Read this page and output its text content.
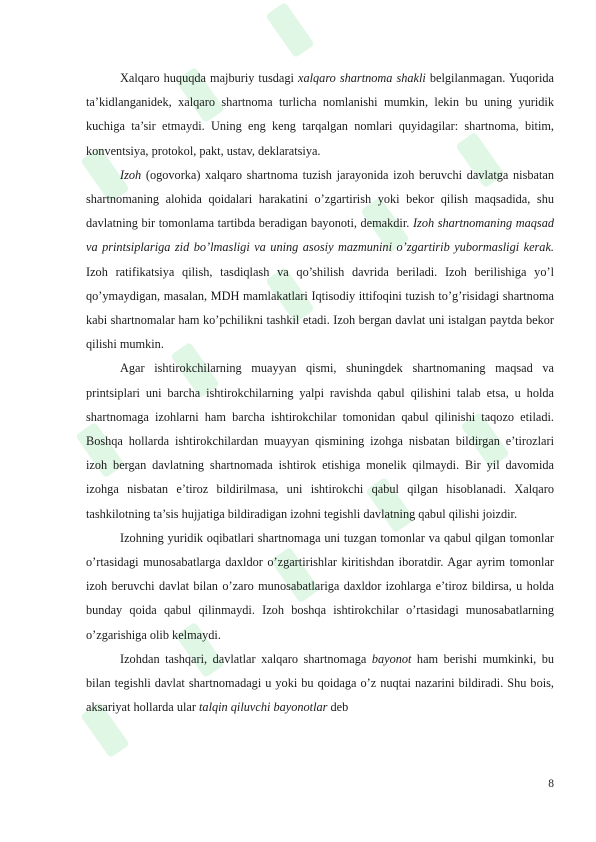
Xalqaro huquqda majburiy tusdagi xalqaro shartnoma shakli belgilanmagan. Yuqorida ta’kidlanganidek, xalqaro shartnoma turlicha nomlanishi mumkin, lekin bu uning yuridik kuchiga ta’sir etmaydi. Uning eng keng tarqalgan nomlari quyidagilar: shartnoma, bitim, konventsiya, protokol, pakt, ustav, deklaratsiya.

Izoh (ogovorka) xalqaro shartnoma tuzish jarayonida izoh beruvchi davlatga nisbatan shartnomaning alohida qoidalari harakatini o’zgartirish yoki bekor qilish maqsadida, shu davlatning bir tomonlama tartibda beradigan bayonoti, demakdir. Izoh shartnomaning maqsad va printsiplariga zid bo’lmasligi va uning asosiy mazmunini o’zgartirib yubormasligi kerak. Izoh ratifikatsiya qilish, tasdiqlash va qo’shilish davrida beriladi. Izoh berilishiga yo’l qo’ymaydigan, masalan, MDH mamlakatlari Iqtisodiy ittifoqini tuzish to’g’risidagi shartnoma kabi shartnomalar ham ko’pchilikni tashkil etadi. Izoh bergan davlat uni istalgan paytda bekor qilishi mumkin.

Agar ishtirokchilarning muayyan qismi, shuningdek shartnomaning maqsad va printsiplari uni barcha ishtirokchilarning yalpi ravishda qabul qilishini talab etsa, u holda shartnomaga izohlarni ham barcha ishtirokchilar tomonidan qabul qilinishi taqozo etiladi. Boshqa hollarda ishtirokchilardan muayyan qismining izohga nisbatan bildirgan e’tirozlari izoh bergan davlatning shartnomada ishtirok etishiga monelik qilmaydi. Bir yil davomida izohga nisbatan e’tiroz bildirilmasa, uni ishtirokchi qabul qilgan hisoblanadi. Xalqaro tashkilotning ta’sis hujjatiga bildiradigan izohni tegishli davlatning qabul qilishi joizdir.

Izohning yuridik oqibatlari shartnomaga uni tuzgan tomonlar va qabul qilgan tomonlar o’rtasidagi munosabatlarga daxldor o’zgartirishlar kiritishdan iboratdir. Agar ayrim tomonlar izoh beruvchi davlat bilan o’zaro munosabatlariga daxldor izohlarga e’tiroz bildirsa, u holda bunday qoida qabul qilinmaydi. Izoh boshqa ishtirokchilar o’rtasidagi munosabatlarning o’zgarishiga olib kelmaydi.

Izohdan tashqari, davlatlar xalqaro shartnomaga bayonot ham berishi mumkinki, bu bilan tegishli davlat shartnomadagi u yoki bu qoidaga o’z nuqtai nazarini bildiradi. Shu bois, aksariyat hollarda ular talqin qiluvchi bayonotlar deb

8
